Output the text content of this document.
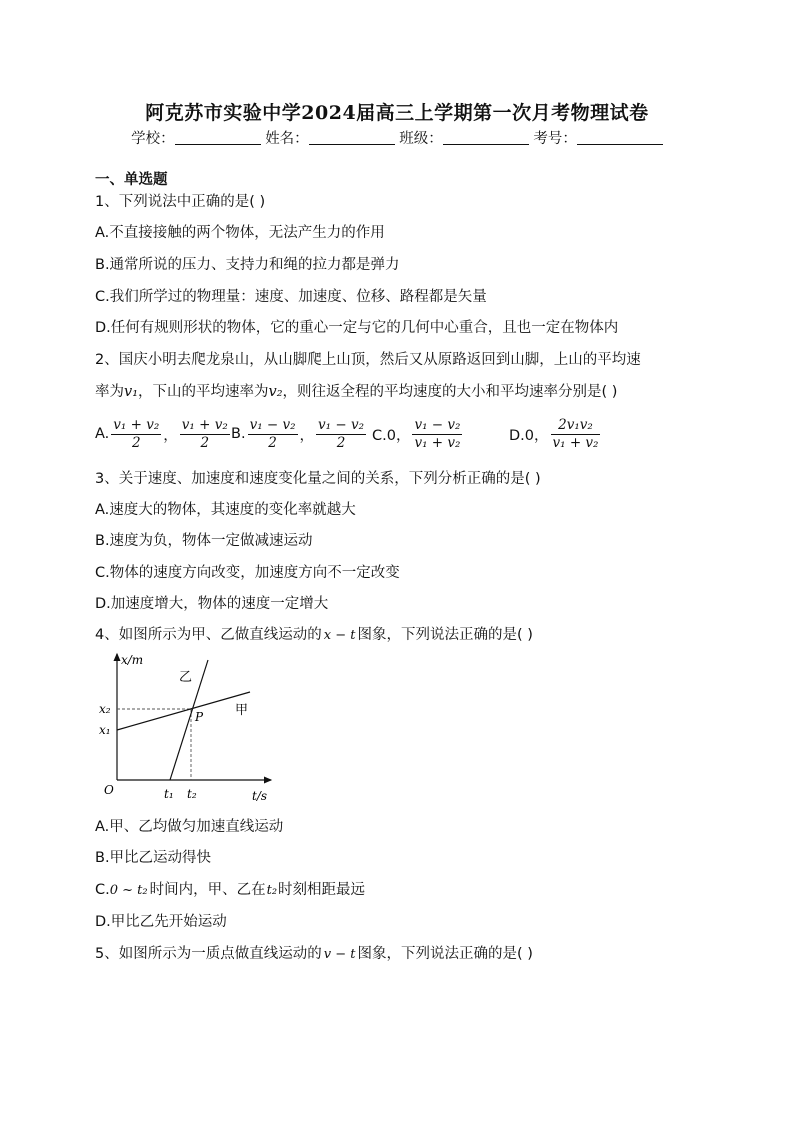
阿克苏市实验中学2024届高三上学期第一次月考物理试卷
学校：	姓名：	班级：	考号：
一、单选题
1、下列说法中正确的是( )
A.不直接接触的两个物体，无法产生力的作用
B.通常所说的压力、支持力和绳的拉力都是弹力
C.我们所学过的物理量：速度、加速度、位移、路程都是矢量
D.任何有规则形状的物体，它的重心一定与它的几何中心重合，且也一定在物体内
2、国庆小明去爬龙泉山，从山脚爬上山顶，然后又从原路返回到山脚，上山的平均速
率为v₁，下山的平均速率为v₂，则往返全程的平均速度的大小和平均速率分别是( )
A. $\frac{\text{v₁ + v₂}}{2}$ ， $\frac{\text{v₁ + v₂}}{2} B$. $\frac{\text{v₁ − v₂}}{2}$ ， $\frac{\text{v₁ − v₂}}{2} C.0$， $\frac{\text{v₁ − v₂}}{\text{v₁ + v₂}}$	D.0， $\frac{\text{2v₁v₂}}{\text{v₁ + v₂}}$
3、关于速度、加速度和速度变化量之间的关系，下列分析正确的是( )
A.速度大的物体，其速度的变化率就越大
B.速度为负，物体一定做减速运动
C.物体的速度方向改变，加速度方向不一定改变
D.加速度增大，物体的速度一定增大
4、如图所示为甲、乙做直线运动的 x − t 图象，下列说法正确的是( )
x/m
t/s
O
x₂
x₁
t₁ t₂
P 甲
乙
A.甲、乙均做匀加速直线运动
B.甲比乙运动得快
C.0 ~ t₂ 时间内，甲、乙在t₂时刻相距最远
D.甲比乙先开始运动
5、如图所示为一质点做直线运动的 v − t 图象，下列说法正确的是( )
